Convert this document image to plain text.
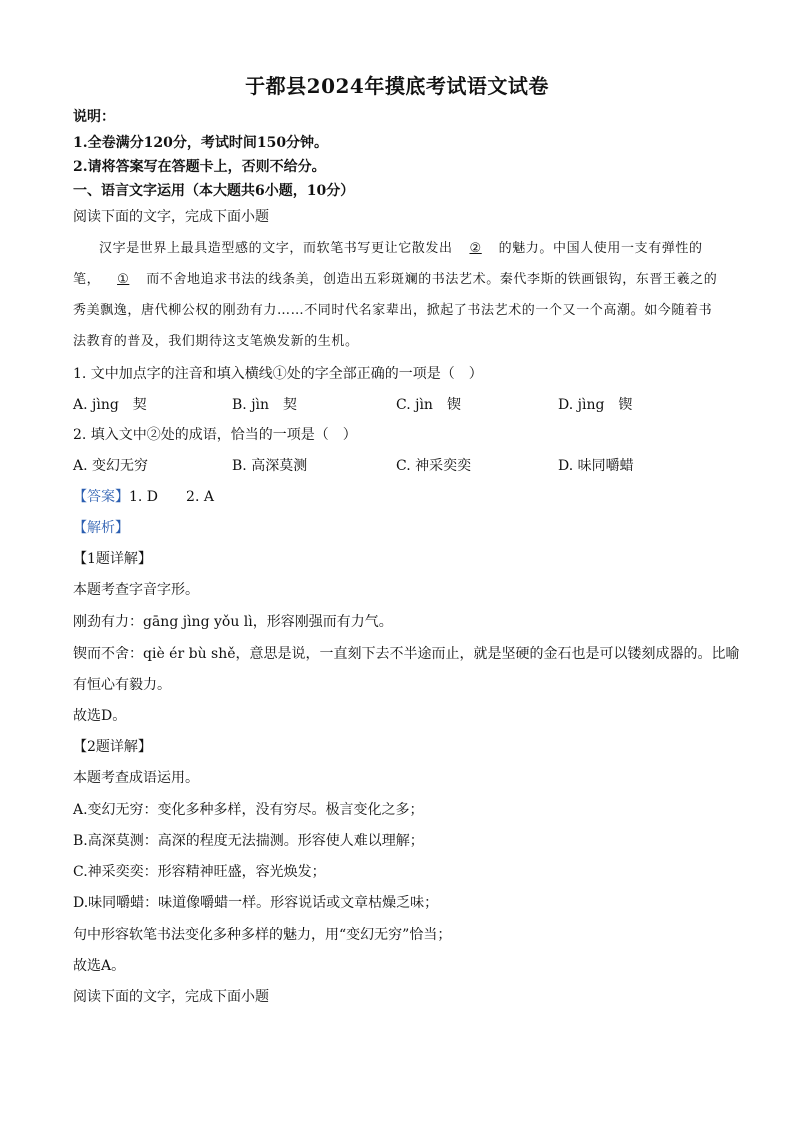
于都县2024年摸底考试语文试卷
说明：
1.全卷满分120分，考试时间150分钟。
2.请将答案写在答题卡上，否则不给分。
一、语言文字运用（本大题共6小题，10分）
阅读下面的文字，完成下面小题
汉字是世界上最具造型感的文字，而软笔书写更让它散发出 ② 的魅力。中国人使用一支有弹性的笔， ① 而不舍地追求书法的线条美，创造出五彩斑斓的书法艺术。秦代李斯的铁画银钩，东晋王羲之的秀美飘逸，唐代柳公权的刚劲有力……不同时代名家辈出，掀起了书法艺术的一个又一个高潮。如今随着书法教育的普及，我们期待这支笔焕发新的生机。
1. 文中加点字的注音和填入横线①处的字全部正确的一项是（　）
A. jìng　契	B. jìn　契	C. jìn　锲	D. jìng　锲
2. 填入文中②处的成语，恰当的一项是（　）
A. 变幻无穷	B. 高深莫测	C. 神采奕奕	D. 味同嚼蜡
【答案】1. D　　2. A
【解析】
【1题详解】
本题考查字音字形。
刚劲有力：gāng jìng yǒu lì，形容刚强而有力气。
锲而不舍：qiè ér bù shě，意思是说，一直刻下去不半途而止，就是坚硬的金石也是可以镂刻成器的。比喻
有恒心有毅力。
故选D。
【2题详解】
本题考查成语运用。
A.变幻无穷：变化多种多样，没有穷尽。极言变化之多；
B.高深莫测：高深的程度无法揣测。形容使人难以理解；
C.神采奕奕：形容精神旺盛，容光焕发；
D.味同嚼蜡：味道像嚼蜡一样。形容说话或文章枯燥乏味；
句中形容软笔书法变化多种多样的魅力，用“变幻无穷”恰当；
故选A。
阅读下面的文字，完成下面小题
